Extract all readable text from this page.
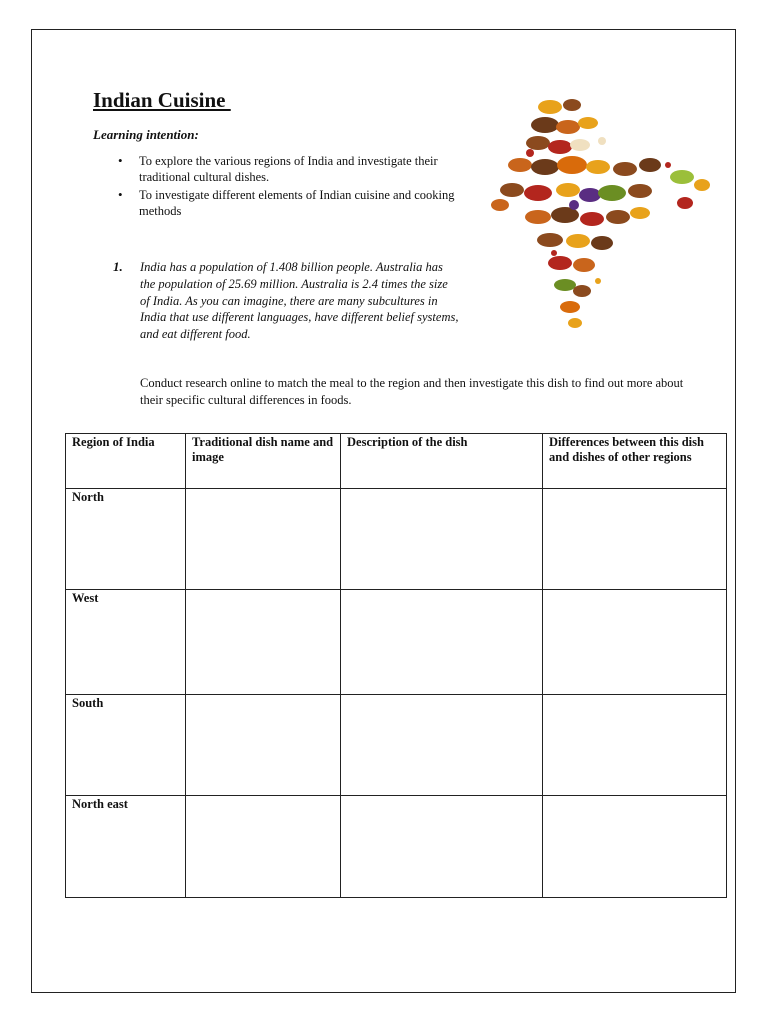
Indian Cuisine
Learning intention:
• To explore the various regions of India and investigate their traditional cultural dishes.
• To investigate different elements of Indian cuisine and cooking methods
1. India has a population of 1.408 billion people. Australia has the population of 25.69 million. Australia is 2.4 times the size of India. As you can imagine, there are many subcultures in India that use different languages, have different belief systems, and eat different food.
Conduct research online to match the meal to the region and then investigate this dish to find out more about their specific cultural differences in foods.
Region of India	Traditional dish name and image	Description of the dish	Differences between this dish and dishes of other regions
North			
West			
South			
North east			
